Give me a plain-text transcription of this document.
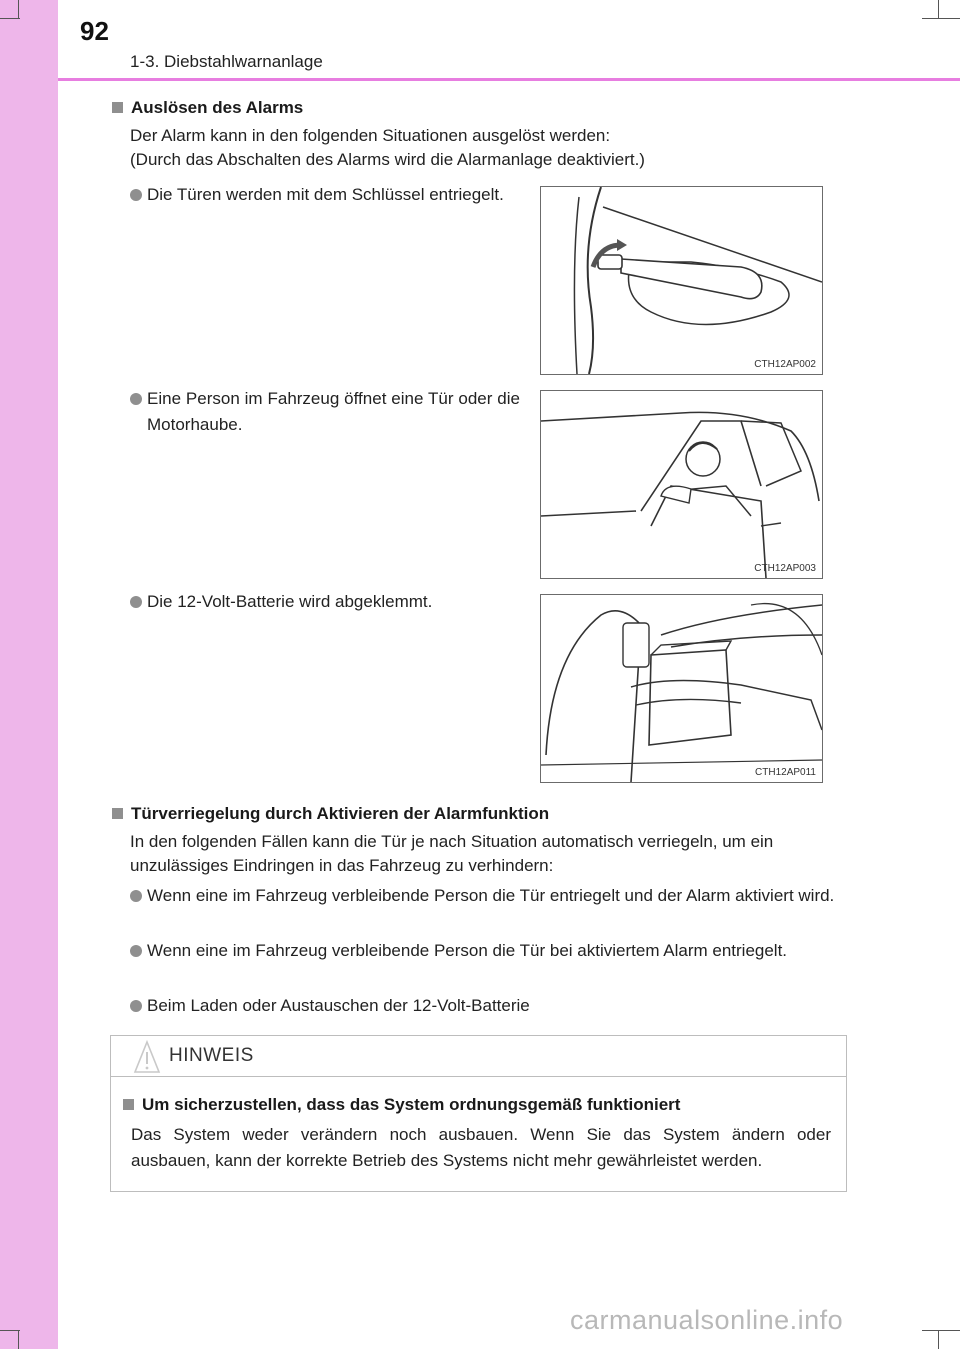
92
1-3. Diebstahlwarnanlage
Auslösen des Alarms

Der Alarm kann in den folgenden Situationen ausgelöst werden:

(Durch das Abschalten des Alarms wird die Alarmanlage deaktiviert.)

Die Türen werden mit dem Schlüssel entriegelt.
CTH12AP002
Eine Person im Fahrzeug öffnet eine Tür oder die Motorhaube.
CTH12AP003
Die 12-Volt-Batterie wird abgeklemmt.
CTH12AP011
Türverriegelung durch Aktivieren der Alarmfunktion

In den folgenden Fällen kann die Tür je nach Situation automatisch verriegeln, um ein

unzulässiges Eindringen in das Fahrzeug zu verhindern:

Wenn eine im Fahrzeug verbleibende Person die Tür entriegelt und der Alarm aktiviert wird.
Wenn eine im Fahrzeug verbleibende Person die Tür bei aktiviertem Alarm entriegelt.
Beim Laden oder Austauschen der 12-Volt-Batterie
HINWEIS
Um sicherzustellen, dass das System ordnungsgemäß funktioniert
Das System weder verändern noch ausbauen. Wenn Sie das System ändern oder ausbauen, kann der korrekte Betrieb des Systems nicht mehr gewährleistet werden.
carmanualsonline.info
